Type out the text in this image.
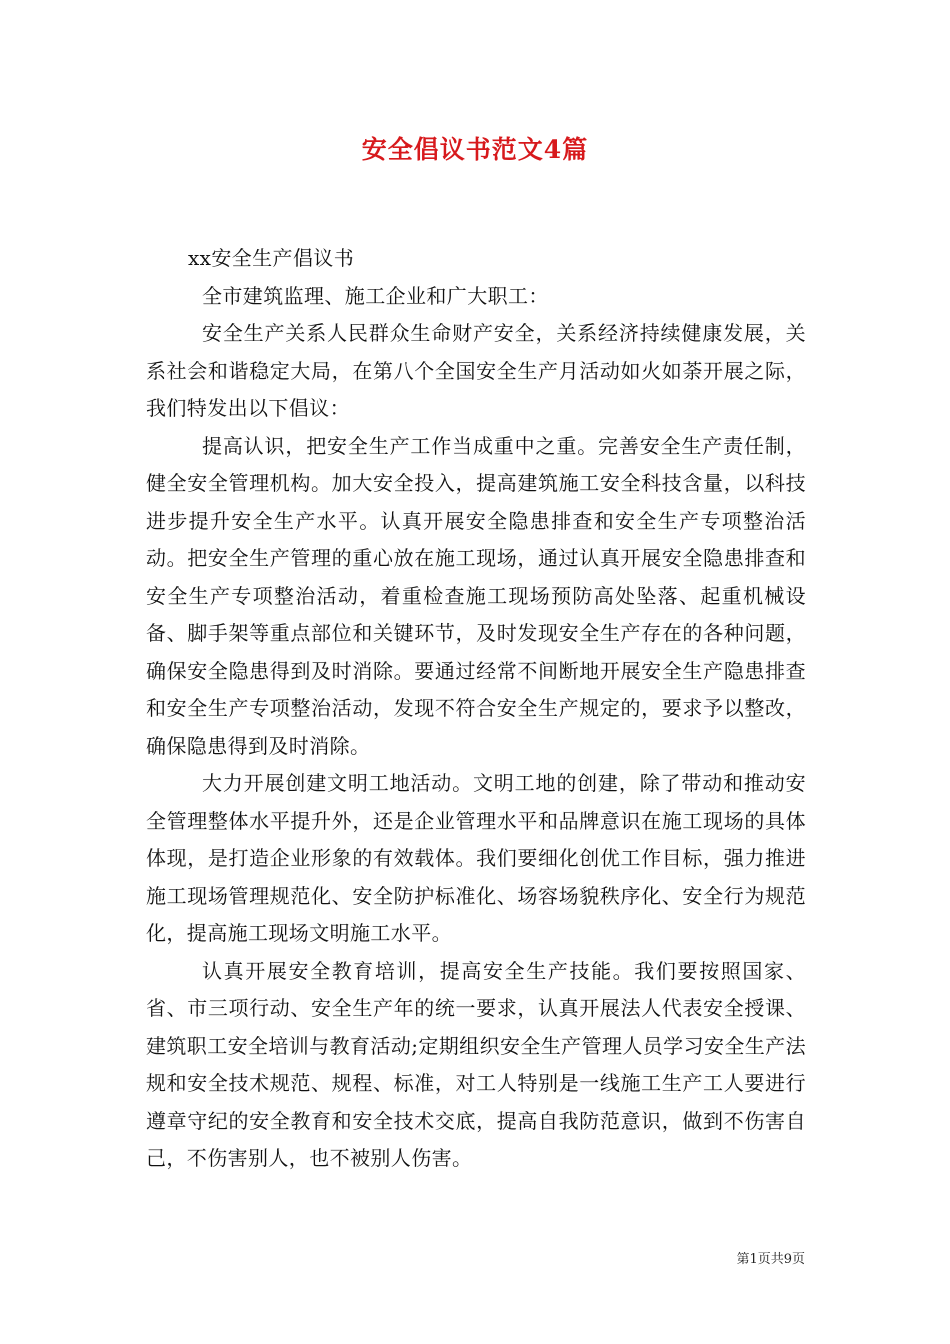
安全倡议书范文4篇
xx安全生产倡议书
全市建筑监理、施工企业和广大职工：

安全生产关系人民群众生命财产安全，关系经济持续健康发展，关系社会和谐稳定大局，在第八个全国安全生产月活动如火如荼开展之际，我们特发出以下倡议：

提高认识，把安全生产工作当成重中之重。完善安全生产责任制，健全安全管理机构。加大安全投入，提高建筑施工安全科技含量，以科技进步提升安全生产水平。认真开展安全隐患排查和安全生产专项整治活动。把安全生产管理的重心放在施工现场，通过认真开展安全隐患排查和安全生产专项整治活动，着重检查施工现场预防高处坠落、起重机械设备、脚手架等重点部位和关键环节，及时发现安全生产存在的各种问题，确保安全隐患得到及时消除。要通过经常不间断地开展安全生产隐患排查和安全生产专项整治活动，发现不符合安全生产规定的，要求予以整改，确保隐患得到及时消除。

大力开展创建文明工地活动。文明工地的创建，除了带动和推动安全管理整体水平提升外，还是企业管理水平和品牌意识在施工现场的具体体现，是打造企业形象的有效载体。我们要细化创优工作目标，强力推进施工现场管理规范化、安全防护标准化、场容场貌秩序化、安全行为规范化，提高施工现场文明施工水平。

认真开展安全教育培训，提高安全生产技能。我们要按照国家、省、市三项行动、安全生产年的统一要求，认真开展法人代表安全授课、建筑职工安全培训与教育活动;定期组织安全生产管理人员学习安全生产法规和安全技术规范、规程、标准，对工人特别是一线施工生产工人要进行遵章守纪的安全教育和安全技术交底，提高自我防范意识，做到不伤害自己，不伤害别人，也不被别人伤害。

第1页共9页
